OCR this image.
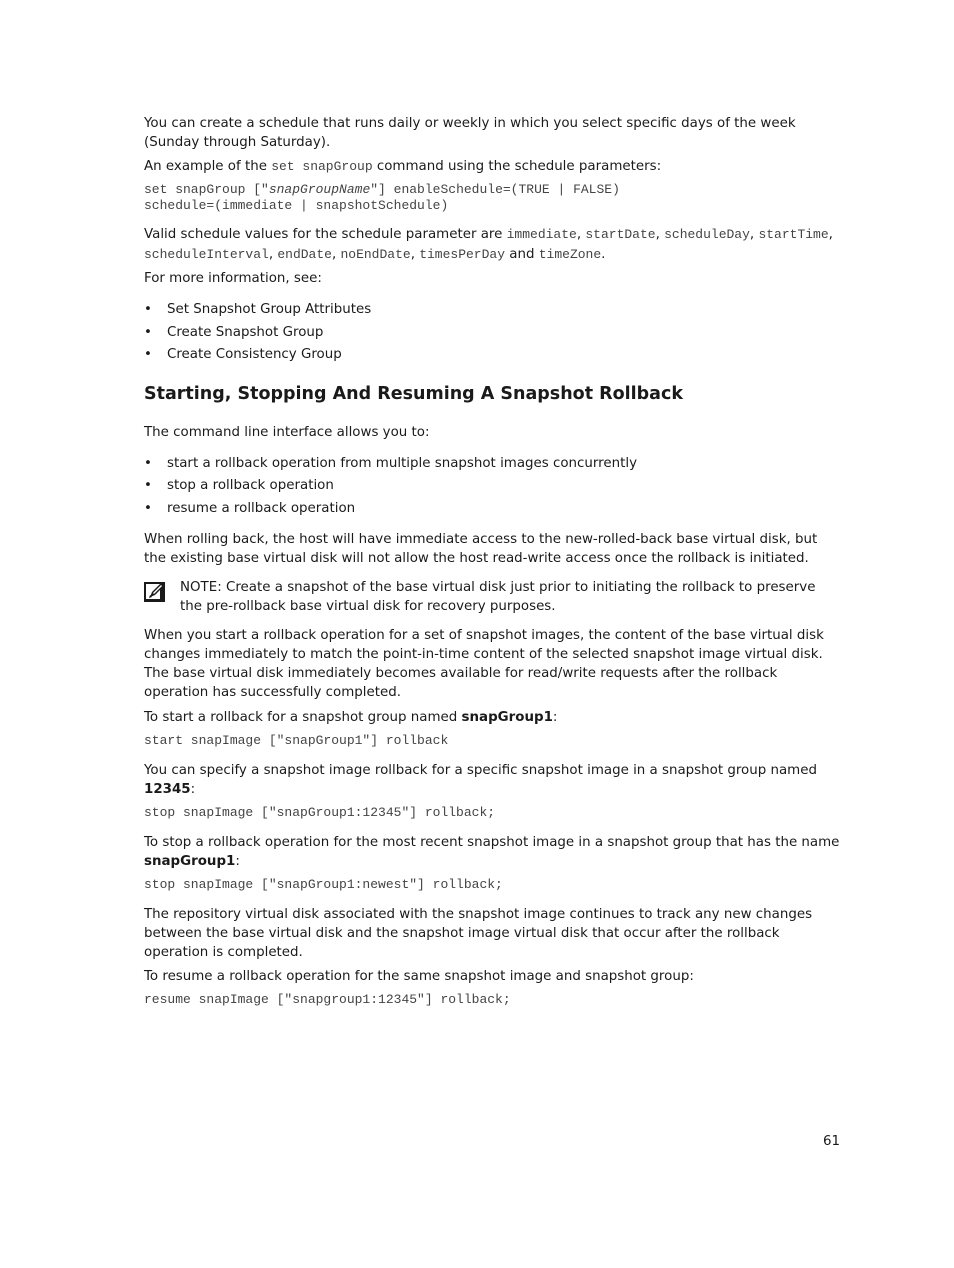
You can create a schedule that runs daily or weekly in which you select specific days of the week (Sunday through Saturday).

An example of the set snapGroup command using the schedule parameters:

set snapGroup ["snapGroupName"] enableSchedule=(TRUE | FALSE)
schedule=(immediate | snapshotSchedule)

Valid schedule values for the schedule parameter are immediate, startDate, scheduleDay, startTime, scheduleInterval, endDate, noEndDate, timesPerDay and timeZone.

For more information, see:

• Set Snapshot Group Attributes
• Create Snapshot Group
• Create Consistency Group
Starting, Stopping And Resuming A Snapshot Rollback

The command line interface allows you to:

• start a rollback operation from multiple snapshot images concurrently
• stop a rollback operation
• resume a rollback operation

When rolling back, the host will have immediate access to the new-rolled-back base virtual disk, but the existing base virtual disk will not allow the host read-write access once the rollback is initiated.

NOTE: Create a snapshot of the base virtual disk just prior to initiating the rollback to preserve the pre-rollback base virtual disk for recovery purposes.

When you start a rollback operation for a set of snapshot images, the content of the base virtual disk changes immediately to match the point-in-time content of the selected snapshot image virtual disk. The base virtual disk immediately becomes available for read/write requests after the rollback operation has successfully completed.

To start a rollback for a snapshot group named snapGroup1:

start snapImage ["snapGroup1"] rollback

You can specify a snapshot image rollback for a specific snapshot image in a snapshot group named 12345:

stop snapImage ["snapGroup1:12345"] rollback;

To stop a rollback operation for the most recent snapshot image in a snapshot group that has the name snapGroup1:

stop snapImage ["snapGroup1:newest"] rollback;

The repository virtual disk associated with the snapshot image continues to track any new changes between the base virtual disk and the snapshot image virtual disk that occur after the rollback operation is completed.

To resume a rollback operation for the same snapshot image and snapshot group:

resume snapImage ["snapgroup1:12345"] rollback;
61
